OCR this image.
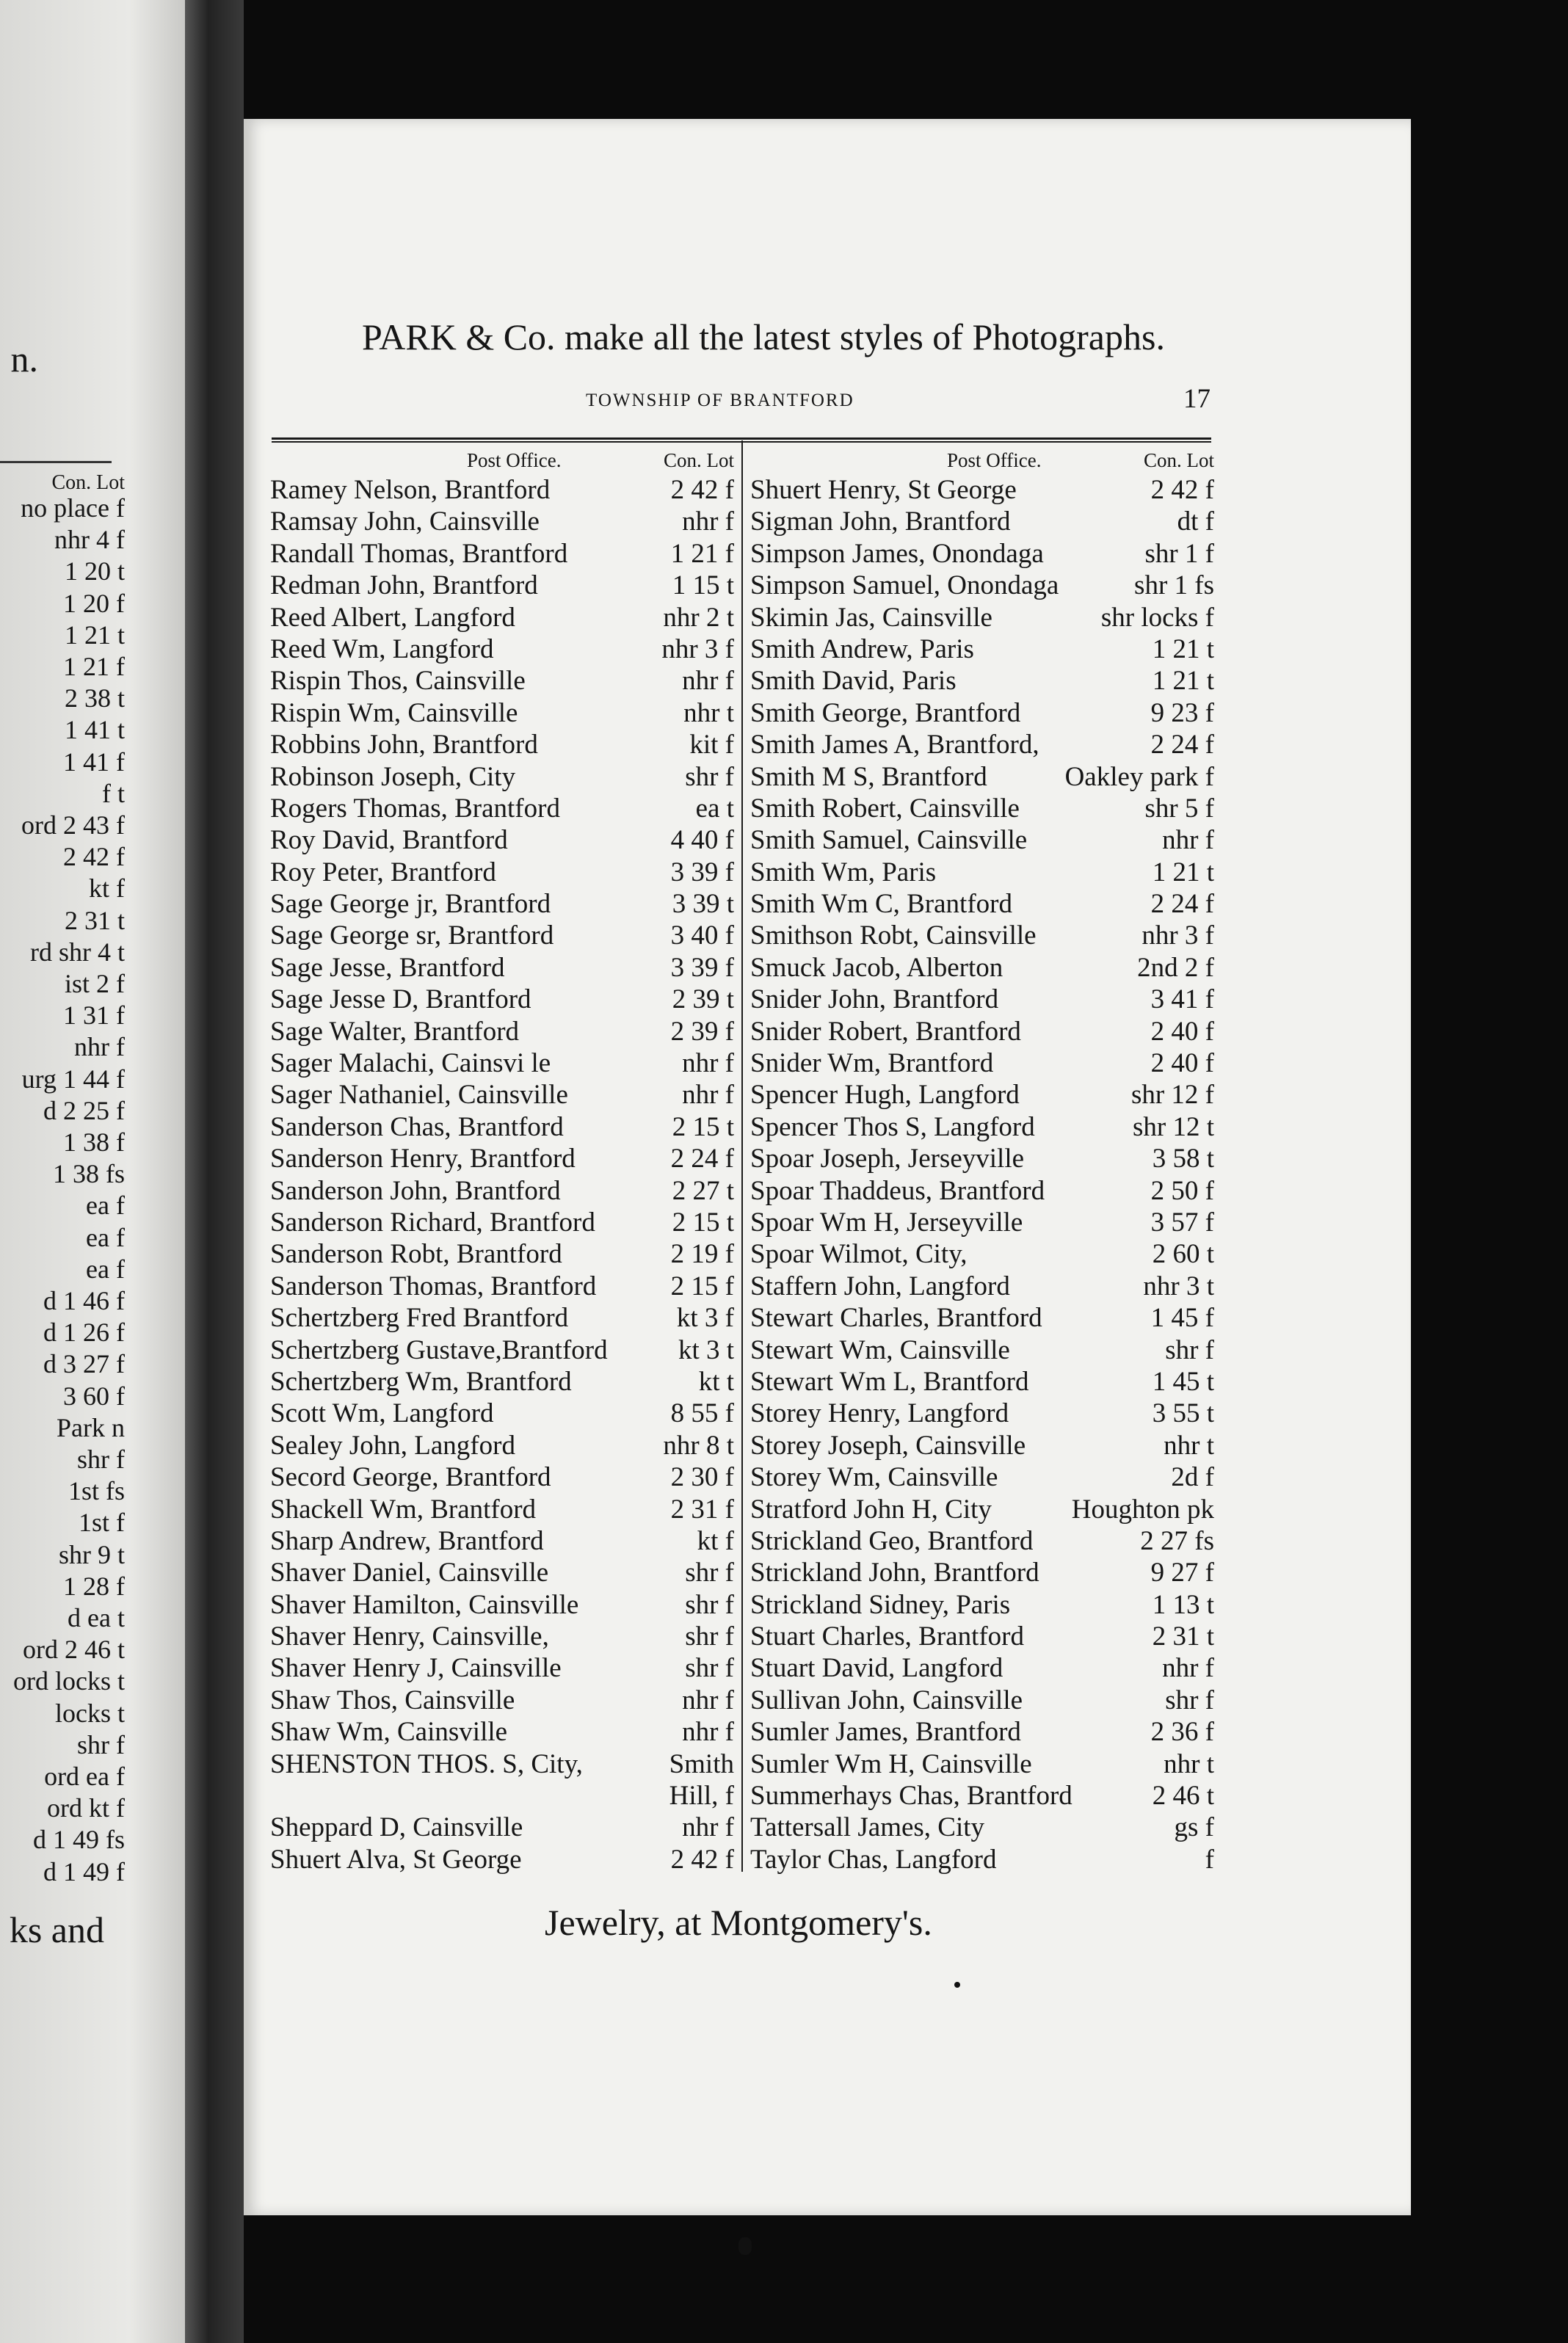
n.
Con. Lot
no place f
nhr 4 f
1 20 t
1 20 f
1 21 t
1 21 f
2 38 t
1 41 t
1 41 f
f t
ord 2 43 f
2 42 f
kt f
2 31 t
rd shr 4 t
ist 2 f
1 31 f
nhr f
urg 1 44 f
d 2 25 f
1 38 f
1 38 fs
ea f
ea f
ea f
d 1 46 f
d 1 26 f
d 3 27 f
3 60 f
Park n
shr f
1st fs
1st f
shr 9 t
1 28 f
d ea t
ord 2 46 t
ord locks t
locks t
shr f
ord ea f
ord kt f
d 1 49 fs
d 1 49 f
ks and
PARK & Co. make all the latest styles of Photographs.
TOWNSHIP OF BRANTFORD	17
Post Office.	Con. Lot
Ramey Nelson, Brantford	2 42 f
Ramsay John, Cainsville	nhr f
Randall Thomas, Brantford	1 21 f
Redman John, Brantford	1 15 t
Reed Albert, Langford	nhr 2 t
Reed Wm, Langford	nhr 3 f
Rispin Thos, Cainsville	nhr f
Rispin Wm, Cainsville	nhr t
Robbins John, Brantford	kit f
Robinson Joseph, City	shr f
Rogers Thomas, Brantford	ea t
Roy David, Brantford	4 40 f
Roy Peter, Brantford	3 39 f
Sage George jr, Brantford	3 39 t
Sage George sr, Brantford	3 40 f
Sage Jesse, Brantford	3 39 f
Sage Jesse D, Brantford	2 39 t
Sage Walter, Brantford	2 39 f
Sager Malachi, Cainsvi le	nhr f
Sager Nathaniel, Cainsville	nhr f
Sanderson Chas, Brantford	2 15 t
Sanderson Henry, Brantford	2 24 f
Sanderson John, Brantford	2 27 t
Sanderson Richard, Brantford	2 15 t
Sanderson Robt, Brantford	2 19 f
Sanderson Thomas, Brantford	2 15 f
Schertzberg Fred Brantford	kt 3 f
Schertzberg Gustave,Brantford	kt 3 t
Schertzberg Wm, Brantford	kt t
Scott Wm, Langford	8 55 f
Sealey John, Langford	nhr 8 t
Secord George, Brantford	2 30 f
Shackell Wm, Brantford	2 31 f
Sharp Andrew, Brantford	kt f
Shaver Daniel, Cainsville	shr f
Shaver Hamilton, Cainsville	shr f
Shaver Henry, Cainsville,	shr f
Shaver Henry J, Cainsville	shr f
Shaw Thos, Cainsville	nhr f
Shaw Wm, Cainsville	nhr f
SHENSTON THOS. S, City,	Smith
Hill, f
Sheppard D, Cainsville	nhr f
Shuert Alva, St George	2 42 f
Post Office.	Con. Lot
Shuert Henry, St George	2 42 f
Sigman John, Brantford	dt f
Simpson James, Onondaga	shr 1 f
Simpson Samuel, Onondaga	shr 1 fs
Skimin Jas, Cainsville	shr locks f
Smith Andrew, Paris	1 21 t
Smith David, Paris	1 21 t
Smith George, Brantford	9 23 f
Smith James A, Brantford,	2 24 f
Smith M S, Brantford	Oakley park f
Smith Robert, Cainsville	shr 5 f
Smith Samuel, Cainsville	nhr f
Smith Wm, Paris	1 21 t
Smith Wm C, Brantford	2 24 f
Smithson Robt, Cainsville	nhr 3 f
Smuck Jacob, Alberton	2nd 2 f
Snider John, Brantford	3 41 f
Snider Robert, Brantford	2 40 f
Snider Wm, Brantford	2 40 f
Spencer Hugh, Langford	shr 12 f
Spencer Thos S, Langford	shr 12 t
Spoar Joseph, Jerseyville	3 58 t
Spoar Thaddeus, Brantford	2 50 f
Spoar Wm H, Jerseyville	3 57 f
Spoar Wilmot, City,	2 60 t
Staffern John, Langford	nhr 3 t
Stewart Charles, Brantford	1 45 f
Stewart Wm, Cainsville	shr f
Stewart Wm L, Brantford	1 45 t
Storey Henry, Langford	3 55 t
Storey Joseph, Cainsville	nhr t
Storey Wm, Cainsville	2d f
Stratford John H, City	Houghton pk
Strickland Geo, Brantford	2 27 fs
Strickland John, Brantford	9 27 f
Strickland Sidney, Paris	1 13 t
Stuart Charles, Brantford	2 31 t
Stuart David, Langford	nhr f
Sullivan John, Cainsville	shr f
Sumler James, Brantford	2 36 f
Sumler Wm H, Cainsville	nhr t
Summerhays Chas, Brantford	2 46 t
Tattersall James, City	gs f
Taylor Chas, Langford	f
Jewelry, at Montgomery's.
